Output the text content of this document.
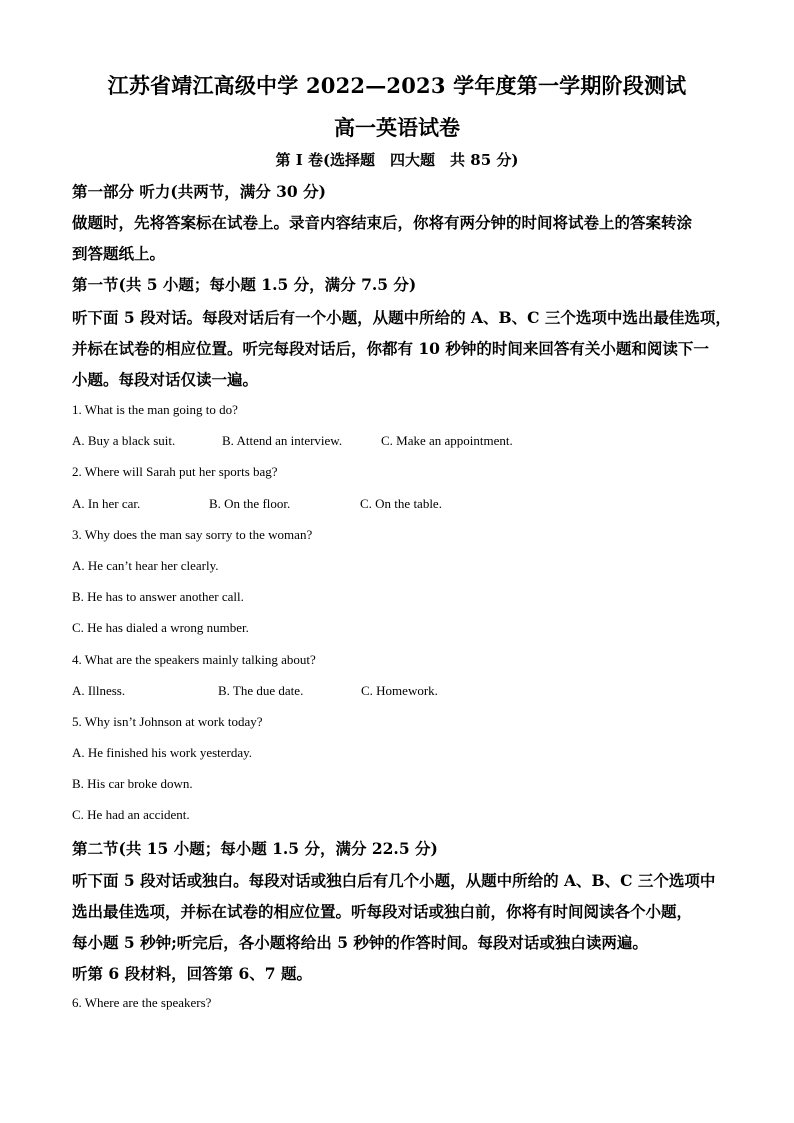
江苏省靖江高级中学 2022—2023 学年度第一学期阶段测试
高一英语试卷
第 I 卷(选择题　四大题　共 85 分)
第一部分 听力(共两节，满分 30 分)
做题时，先将答案标在试卷上。录音内容结束后，你将有两分钟的时间将试卷上的答案转涂
到答题纸上。
第一节(共 5 小题；每小题 1.5 分，满分 7.5 分)
听下面 5 段对话。每段对话后有一个小题，从题中所给的 A、B、C 三个选项中选出最佳选项，
并标在试卷的相应位置。听完每段对话后，你都有 10 秒钟的时间来回答有关小题和阅读下一
小题。每段对话仅读一遍。
1. What is the man going to do?
A. Buy a black suit.	B. Attend an interview.	C. Make an appointment.
2. Where will Sarah put her sports bag?
A. In her car.	B. On the floor.	C. On the table.
3. Why does the man say sorry to the woman?
A. He can’t hear her clearly.
B. He has to answer another call.
C. He has dialed a wrong number.
4. What are the speakers mainly talking about?
A. Illness.	B. The due date.	C. Homework.
5. Why isn’t Johnson at work today?
A. He finished his work yesterday.
B. His car broke down.
C. He had an accident.
第二节(共 15 小题；每小题 1.5 分，满分 22.5 分)
听下面 5 段对话或独白。每段对话或独白后有几个小题，从题中所给的 A、B、C 三个选项中
选出最佳选项，并标在试卷的相应位置。听每段对话或独白前，你将有时间阅读各个小题，
每小题 5 秒钟;听完后，各小题将给出 5 秒钟的作答时间。每段对话或独白读两遍。
听第 6 段材料，回答第 6、7 题。
6. Where are the speakers?
